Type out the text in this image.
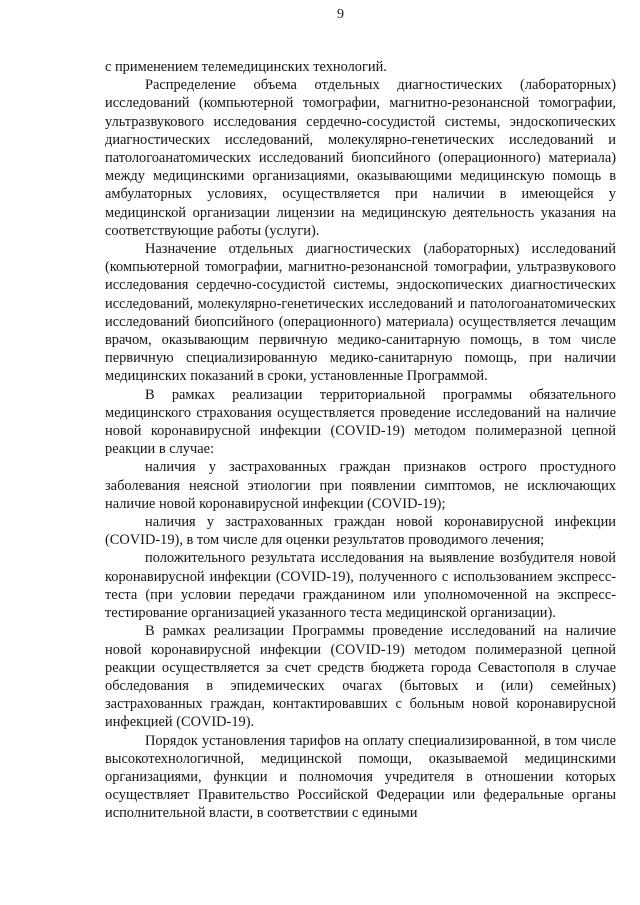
9

с применением телемедицинских технологий.

Распределение объема отдельных диагностических (лабораторных) исследований (компьютерной томографии, магнитно-резонансной томографии, ультразвукового исследования сердечно-сосудистой системы, эндоскопических диагностических исследований, молекулярно-генетических исследований и патологоанатомических исследований биопсийного (операционного) материала) между медицинскими организациями, оказывающими медицинскую помощь в амбулаторных условиях, осуществляется при наличии в имеющейся у медицинской организации лицензии на медицинскую деятельность указания на соответствующие работы (услуги).

Назначение отдельных диагностических (лабораторных) исследований (компьютерной томографии, магнитно-резонансной томографии, ультразвукового исследования сердечно-сосудистой системы, эндоскопических диагностических исследований, молекулярно-генетических исследований и патологоанатомических исследований биопсийного (операционного) материала) осуществляется лечащим врачом, оказывающим первичную медико-санитарную помощь, в том числе первичную специализированную медико-санитарную помощь, при наличии медицинских показаний в сроки, установленные Программой.

В рамках реализации территориальной программы обязательного медицинского страхования осуществляется проведение исследований на наличие новой коронавирусной инфекции (COVID-19) методом полимеразной цепной реакции в случае:

наличия у застрахованных граждан признаков острого простудного заболевания неясной этиологии при появлении симптомов, не исключающих наличие новой коронавирусной инфекции (COVID-19);

наличия у застрахованных граждан новой коронавирусной инфекции (COVID-19), в том числе для оценки результатов проводимого лечения;

положительного результата исследования на выявление возбудителя новой коронавирусной инфекции (COVID-19), полученного с использованием экспресс-теста (при условии передачи гражданином или уполномоченной на экспресс-тестирование организацией указанного теста медицинской организации).

В рамках реализации Программы проведение исследований на наличие новой коронавирусной инфекции (COVID-19) методом полимеразной цепной реакции осуществляется за счет средств бюджета города Севастополя в случае обследования в эпидемических очагах (бытовых и (или) семейных) застрахованных граждан, контактировавших с больным новой коронавирусной инфекцией (COVID-19).

Порядок установления тарифов на оплату специализированной, в том числе высокотехнологичной, медицинской помощи, оказываемой медицинскими организациями, функции и полномочия учредителя в отношении которых осуществляет Правительство Российской Федерации или федеральные органы исполнительной власти, в соответствии с едиными
